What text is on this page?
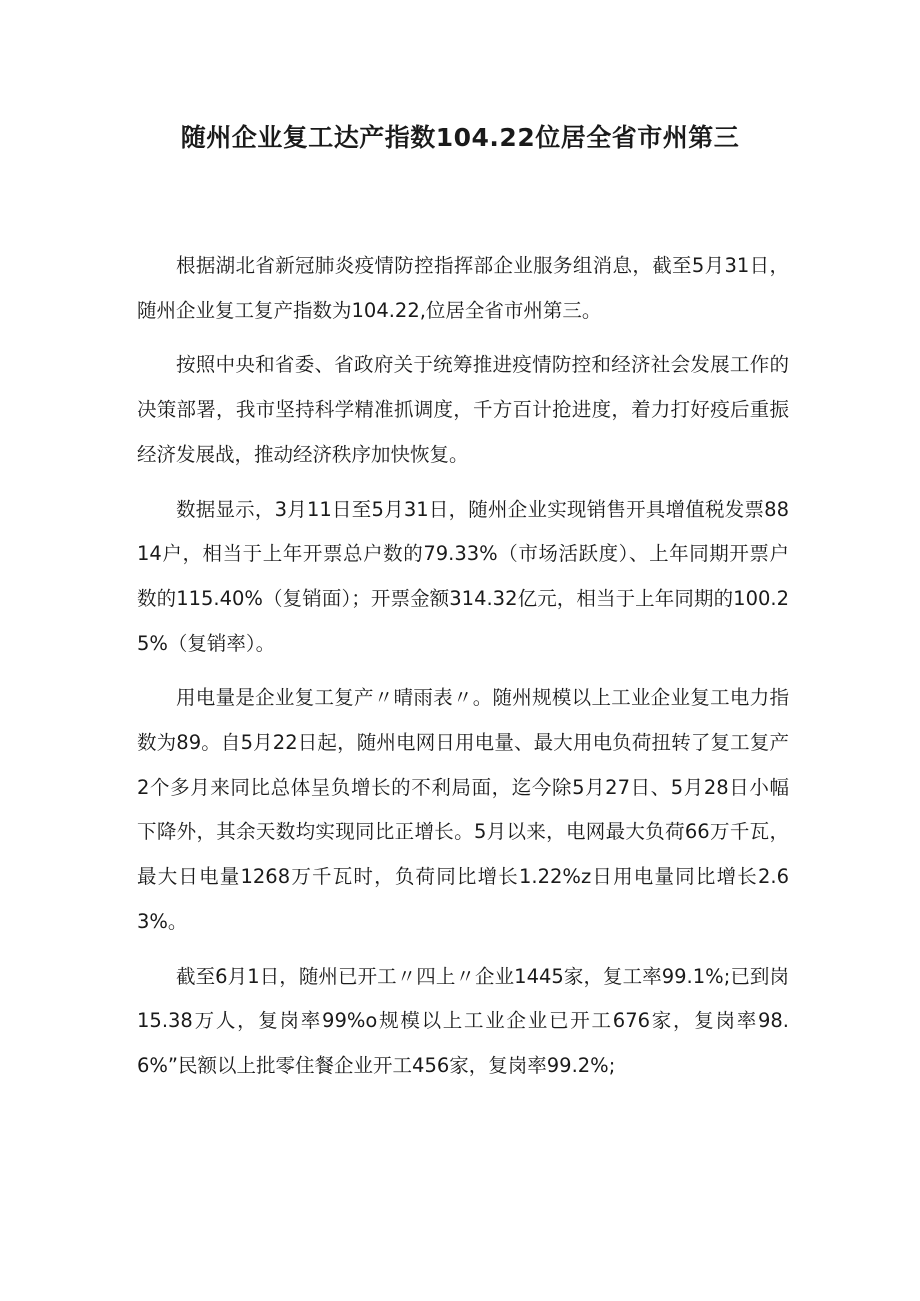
随州企业复工达产指数104.22位居全省市州第三

根据湖北省新冠肺炎疫情防控指挥部企业服务组消息，截至5月31日，随州企业复工复产指数为104.22,位居全省市州第三。

按照中央和省委、省政府关于统筹推进疫情防控和经济社会发展工作的决策部署，我市坚持科学精准抓调度，千方百计抢进度，着力打好疫后重振经济发展战，推动经济秩序加快恢复。

数据显示，3月11日至5月31日，随州企业实现销售开具增值税发票8814户，相当于上年开票总户数的79.33%（市场活跃度）、上年同期开票户数的115.40%（复销面）；开票金额314.32亿元，相当于上年同期的100.25%（复销率）。

用电量是企业复工复产〃晴雨表〃。随州规模以上工业企业复工电力指数为89。自5月22日起，随州电网日用电量、最大用电负荷扭转了复工复产2个多月来同比总体呈负增长的不利局面，迄今除5月27日、5月28日小幅下降外，其余天数均实现同比正增长。5月以来，电网最大负荷66万千瓦，最大日电量1268万千瓦时，负荷同比增长1.22%z日用电量同比增长2.63%。

截至6月1日，随州已开工〃四上〃企业1445家，复工率99.1%;已到岗15.38万人，复岗率99%o规模以上工业企业已开工676家，复岗率98.6%”民额以上批零住餐企业开工456家，复岗率99.2%;
